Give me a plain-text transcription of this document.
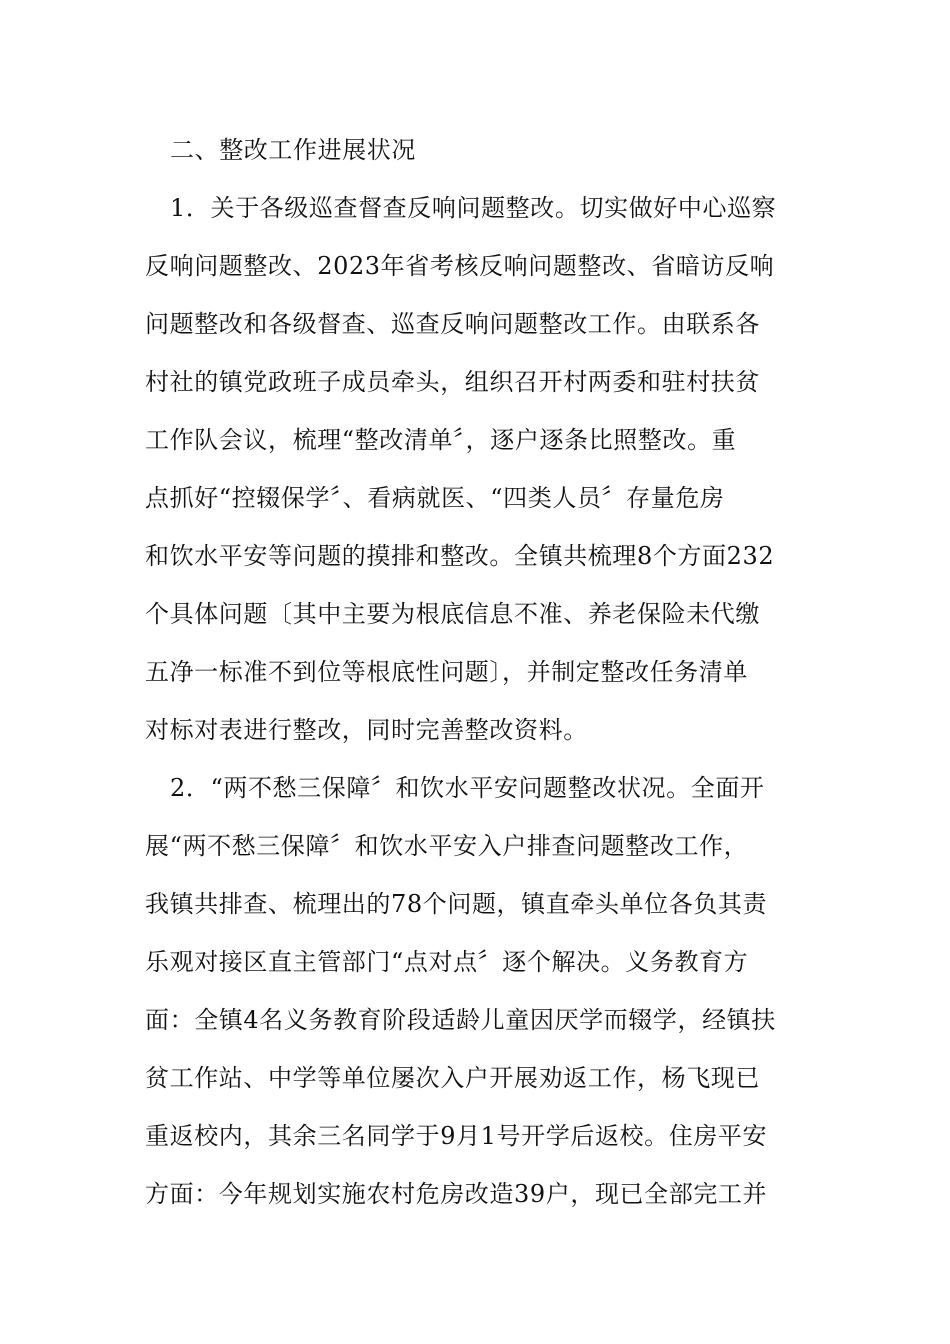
二、整改工作进展状况
1．关于各级巡查督查反响问题整改。切实做好中心巡察
反响问题整改、2023年省考核反响问题整改、省暗访反响
问题整改和各级督查、巡查反响问题整改工作。由联系各
村社的镇党政班子成员牵头，组织召开村两委和驻村扶贫
工作队会议，梳理“整改清单〞，逐户逐条比照整改。重
点抓好“控辍保学〞、看病就医、“四类人员〞存量危房
和饮水平安等问题的摸排和整改。全镇共梳理8个方面232
个具体问题〔其中主要为根底信息不准、养老保险未代缴
五净一标准不到位等根底性问题〕，并制定整改任务清单
对标对表进行整改，同时完善整改资料。
2．“两不愁三保障〞和饮水平安问题整改状况。全面开
展“两不愁三保障〞和饮水平安入户排查问题整改工作，
我镇共排查、梳理出的78个问题，镇直牵头单位各负其责
乐观对接区直主管部门“点对点〞逐个解决。义务教育方
面：全镇4名义务教育阶段适龄儿童因厌学而辍学，经镇扶
贫工作站、中学等单位屡次入户开展劝返工作，杨飞现已
重返校内，其余三名同学于9月1号开学后返校。住房平安
方面：今年规划实施农村危房改造39户，现已全部完工并
